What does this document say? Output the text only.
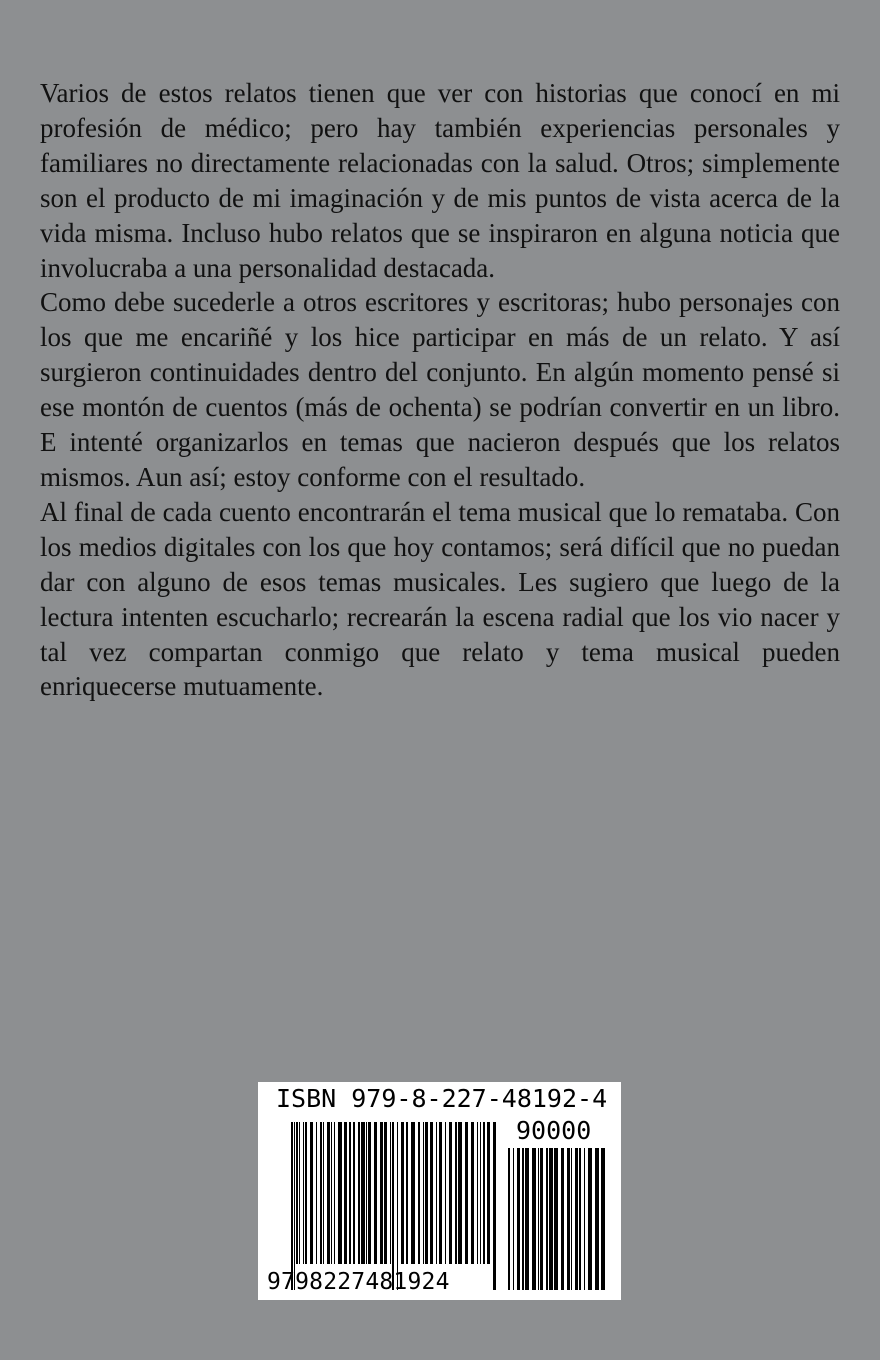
Varios de estos relatos tienen que ver con historias que conocí en mi profesión de médico; pero hay también experiencias personales y familiares no directamente relacionadas con la salud. Otros; simplemente son el producto de mi imaginación y de mis puntos de vista acerca de la vida misma. Incluso hubo relatos que se inspiraron en alguna noticia que involucraba a una personalidad destacada.

Como debe sucederle a otros escritores y escritoras; hubo personajes con los que me encariñé y los hice participar en más de un relato. Y así surgieron continuidades dentro del conjunto. En algún momento pensé si ese montón de cuentos (más de ochenta) se podrían convertir en un libro. E intenté organizarlos en temas que nacieron después que los relatos mismos. Aun así; estoy conforme con el resultado.

Al final de cada cuento encontrarán el tema musical que lo remataba. Con los medios digitales con los que hoy contamos; será difícil que no puedan dar con alguno de esos temas musicales. Les sugiero que luego de la lectura intenten escucharlo; recrearán la escena radial que los vio nacer y tal vez compartan conmigo que relato y tema musical pueden enriquecerse mutuamente.

ISBN 979-8-227-48192-4
90000
9798227481924
